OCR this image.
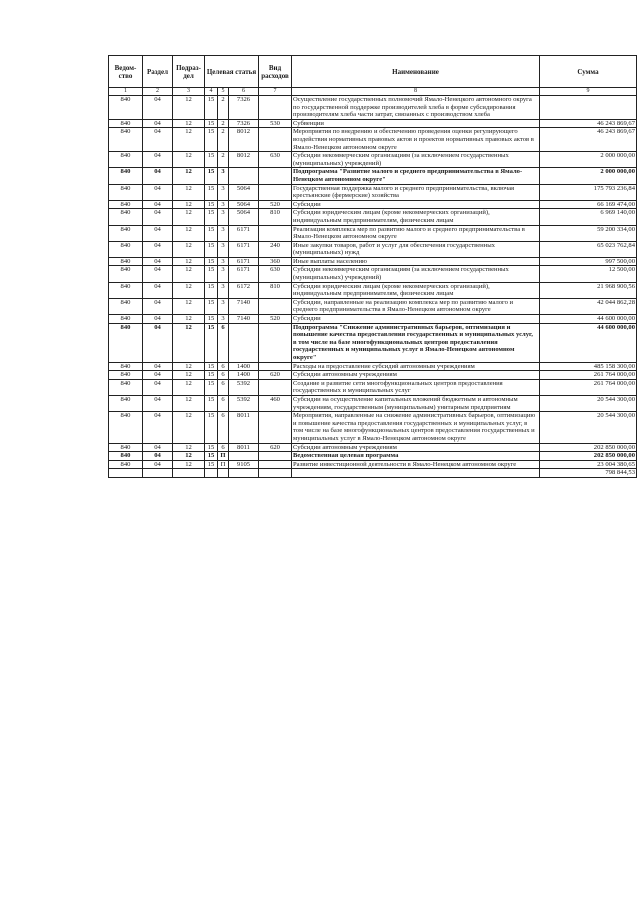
Ведом-ство	Раздел	Подраз-дел	Целевая статья			Вид расходов	Наименование	Сумма
1	2	3	4	5	6	7	8	9
840	04	12	15	2	7326		Осуществление государственных полномочий Ямало-Ненецкого автономного округа по государственной поддержке производителей хлеба в форме субсидирования производителям хлеба части затрат, связанных с производством хлеба	
840	04	12	15	2	7326	530	Субвенции	46 243 869,67
840	04	12	15	2	8012		Мероприятия по внедрению и обеспечению проведения оценки регулирующего воздействия нормативных правовых актов и проектов нормативных правовых актов в Ямало-Ненецком автономном округе	46 243 869,67
840	04	12	15	2	8012	630	Субсидии некоммерческим организациям (за исключением государственных (муниципальных) учреждений)	2 000 000,00
840	04	12	15	3			Подпрограмма "Развитие малого и среднего предпринимательства в Ямало-Ненецком автономном округе"	2 000 000,00
840	04	12	15	3	5064		Государственная поддержка малого и среднего предпринимательства, включая крестьянские (фермерские) хозяйства	175 793 236,84
840	04	12	15	3	5064	520	Субсидии	66 169 474,00
840	04	12	15	3	5064	810	Субсидии юридическим лицам (кроме некоммерческих организаций), индивидуальным предпринимателям, физическим лицам	6 969 140,00
840	04	12	15	3	6171		Реализация комплекса мер по развитию малого и среднего предпринимательства в Ямало-Ненецком автономном округе	59 200 334,00
840	04	12	15	3	6171	240	Иные закупки товаров, работ и услуг для обеспечения государственных (муниципальных) нужд	65 023 762,84
840	04	12	15	3	6171	360	Иные выплаты населению	997 500,00
840	04	12	15	3	6171	630	Субсидии некоммерческим организациям (за исключением государственных (муниципальных) учреждений)	12 500,00
840	04	12	15	3	6172	810	Субсидии юридическим лицам (кроме некоммерческих организаций), индивидуальным предпринимателям, физическим лицам	21 968 900,56
840	04	12	15	3	7140		Субсидии, направленные на реализацию комплекса мер по развитию малого и среднего предпринимательства в Ямало-Ненецком автономном округе	42 044 862,28
840	04	12	15	3	7140	520	Субсидии	44 600 000,00
840	04	12	15	6			Подпрограмма "Снижение административных барьеров, оптимизация и повышение качества предоставления государственных и муниципальных услуг, в том числе на базе многофункциональных центров предоставления государственных и муниципальных услуг в Ямало-Ненецком автономном округе"	44 600 000,00
840	04	12	15	6	1400		Расходы на предоставление субсидий автономным учреждениям	485 158 300,00
840	04	12	15	6	1400	620	Субсидии автономным учреждениям	261 764 000,00
840	04	12	15	6	5392		Создание и развитие сети многофункциональных центров предоставления государственных и муниципальных услуг	261 764 000,00
840	04	12	15	6	5392	460	Субсидии на осуществление капитальных вложений бюджетным и автономным учреждениям, государственным (муниципальным) унитарным предприятиям	20 544 300,00
840	04	12	15	6	8011		Мероприятия, направленные на снижение административных барьеров, оптимизацию и повышение качества предоставления государственных и муниципальных услуг, в том числе на базе многофункциональных центров предоставления государственных и муниципальных услуг в Ямало-Ненецком автономном округе	20 544 300,00
840	04	12	15	6	8011	620	Субсидии автономным учреждениям	202 850 000,00
840	04	12	15	П			Ведомственная целевая программа	202 850 000,00
840	04	12	15	П	9105		Развитие инвестиционной деятельности в Ямало-Ненецком автономном округе	23 004 380,65
								798 844,53
